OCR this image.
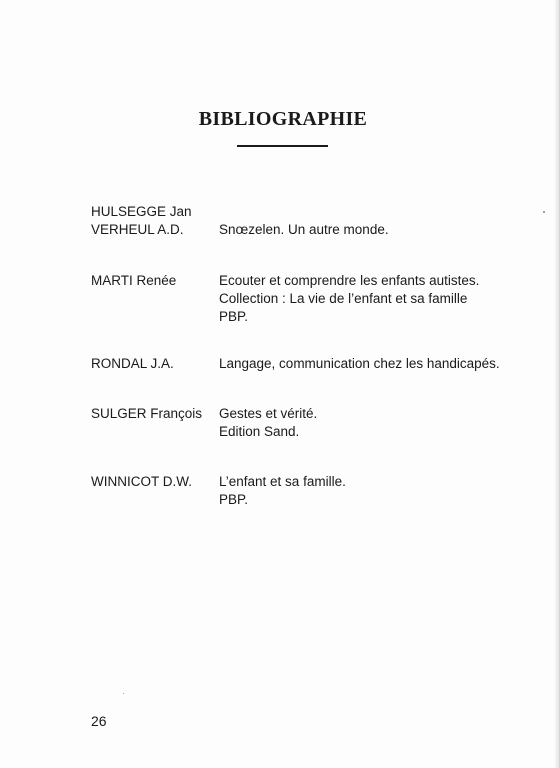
BIBLIOGRAPHIE
HULSEGGE Jan
VERHEUL A.D.
	Snœzelen. Un autre monde.
MARTI Renée	Ecouter et comprendre les enfants autistes.
Collection : La vie de l’enfant et sa famille
PBP.
RONDAL J.A.	Langage, communication chez les handicapés.
SULGER François	Gestes et vérité.
Edition Sand.
WINNICOT D.W.	L’enfant et sa famille.
PBP.
26
